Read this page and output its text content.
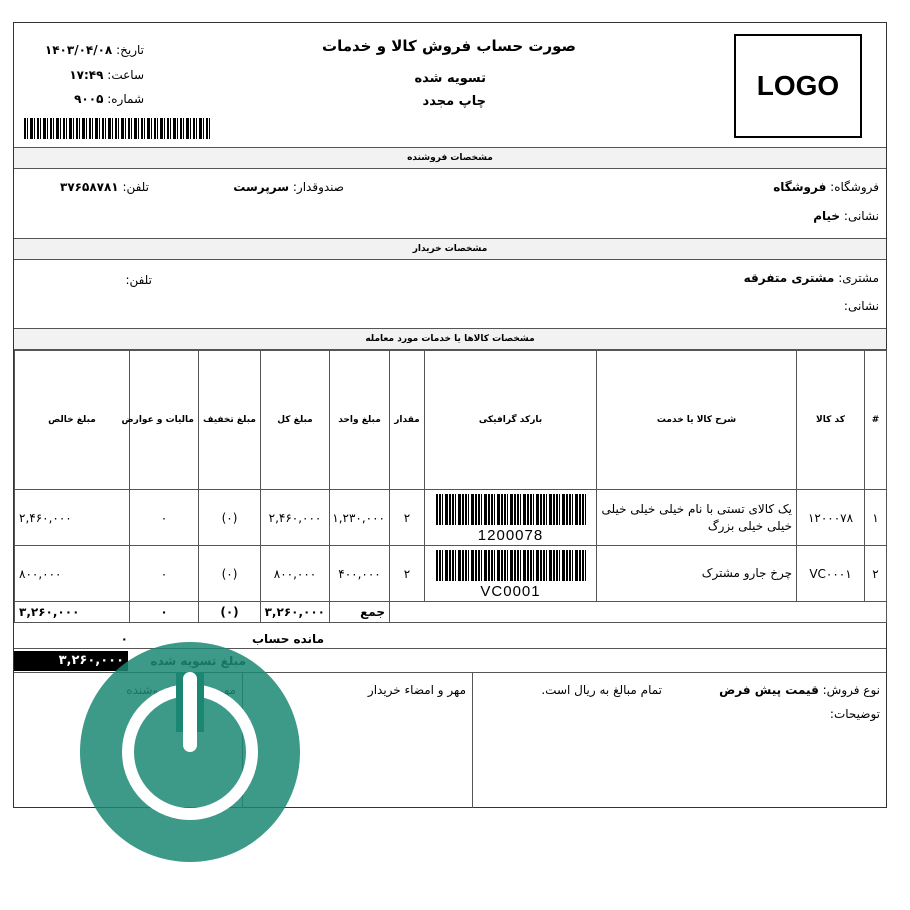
صورت حساب فروش کالا و خدمات
تسویه شده
چاپ مجدد
تاریخ: ۱۴۰۳/۰۴/۰۸
ساعت: ۱۷:۴۹
شماره: ۹۰۰۵	LOGO
مشخصات فروشنده
فروشگاه: فروشگاه
نشانی: خیام
صندوقدار: سرپرست
تلفن: ۳۷۶۵۸۷۸۱
مشخصات خریدار
مشتری: مشتری متفرقه
نشانی:
تلفن:
مشخصات کالاها یا خدمات مورد معامله
#	کد کالا	شرح کالا یا خدمت	بارکد گرافیکی	مقدار	مبلغ واحد	مبلغ کل	مبلغ تخفیف	مالیات و عوارض	مبلغ خالص
۱	۱۲۰۰۰۷۸	یک کالای تستی با نام خیلی خیلی خیلی خیلی خیلی بزرگ	1200078	۲	۱,۲۳۰,۰۰۰	۲,۴۶۰,۰۰۰	(۰)	۰	۲,۴۶۰,۰۰۰
۲	VC۰۰۰۱	چرخ جارو مشترک	VC0001	۲	۴۰۰,۰۰۰	۸۰۰,۰۰۰	(۰)	۰	۸۰۰,۰۰۰
					جمع	۳,۲۶۰,۰۰۰	(۰)	۰	۳,۲۶۰,۰۰۰
مانده حساب
۰
۳,۲۶۰,۰۰۰
نوع فروش: قیمت پیش فرض
تمام مبالغ به ریال است.
توضیحات:
مهر و امضاء خریدار
